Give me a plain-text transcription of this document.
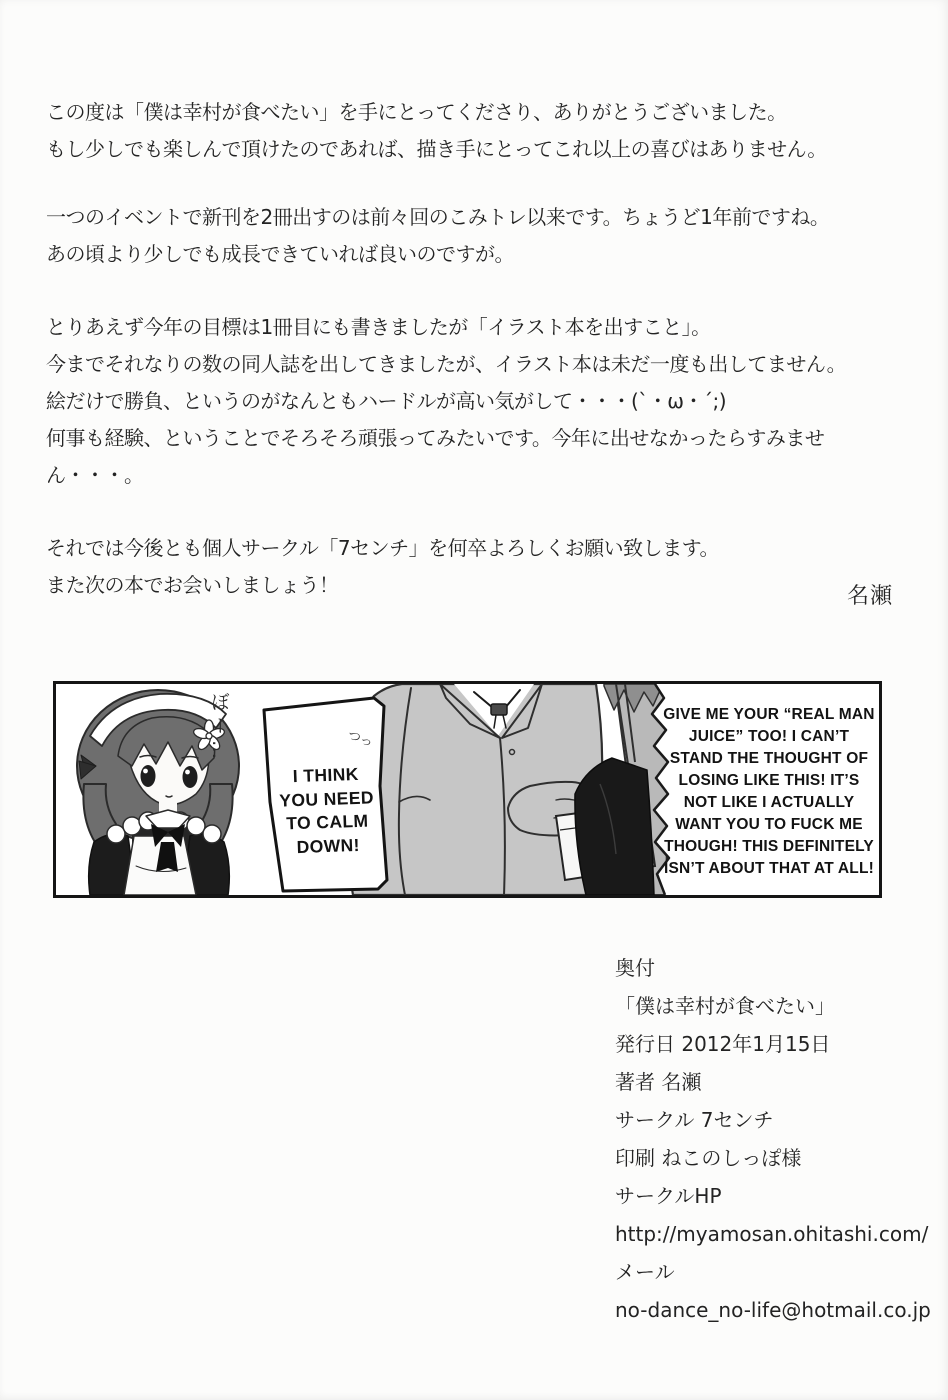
この度は「僕は幸村が食べたい」を手にとってくださり、ありがとうございました。
もし少しでも楽しんで頂けたのであれば、描き手にとってこれ以上の喜びはありません。
一つのイベントで新刊を2冊出すのは前々回のこみトレ以来です。ちょうど1年前ですね。
あの頃より少しでも成長できていれば良いのですが。
とりあえず今年の目標は1冊目にも書きましたが「イラスト本を出すこと」。
今までそれなりの数の同人誌を出してきましたが、イラスト本は未だ一度も出してません。
絵だけで勝負、というのがなんともハードルが高い気がして・・・(`・ω・´;)
何事も経験、ということでそろそろ頑張ってみたいです。今年に出せなかったらすみません・・・。
それでは今後とも個人サークル「7センチ」を何卒よろしくお願い致します。
また次の本でお会いしましょう！	名瀬
ぼー…	つっ
I THINK
YOU NEED
TO CALM
DOWN!
GIVE ME YOUR “REAL MAN
JUICE” TOO! I CAN’T
STAND THE THOUGHT OF
LOSING LIKE THIS! IT’S
NOT LIKE I ACTUALLY
WANT YOU TO FUCK ME
THOUGH! THIS DEFINITELY
ISN’T ABOUT THAT AT ALL!
奥付
「僕は幸村が食べたい」
発行日 2012年1月15日
著者 名瀬
サークル 7センチ
印刷 ねこのしっぽ様
サークルHP
http://myamosan.ohitashi.com/
メール
no-dance_no-life@hotmail.co.jp
